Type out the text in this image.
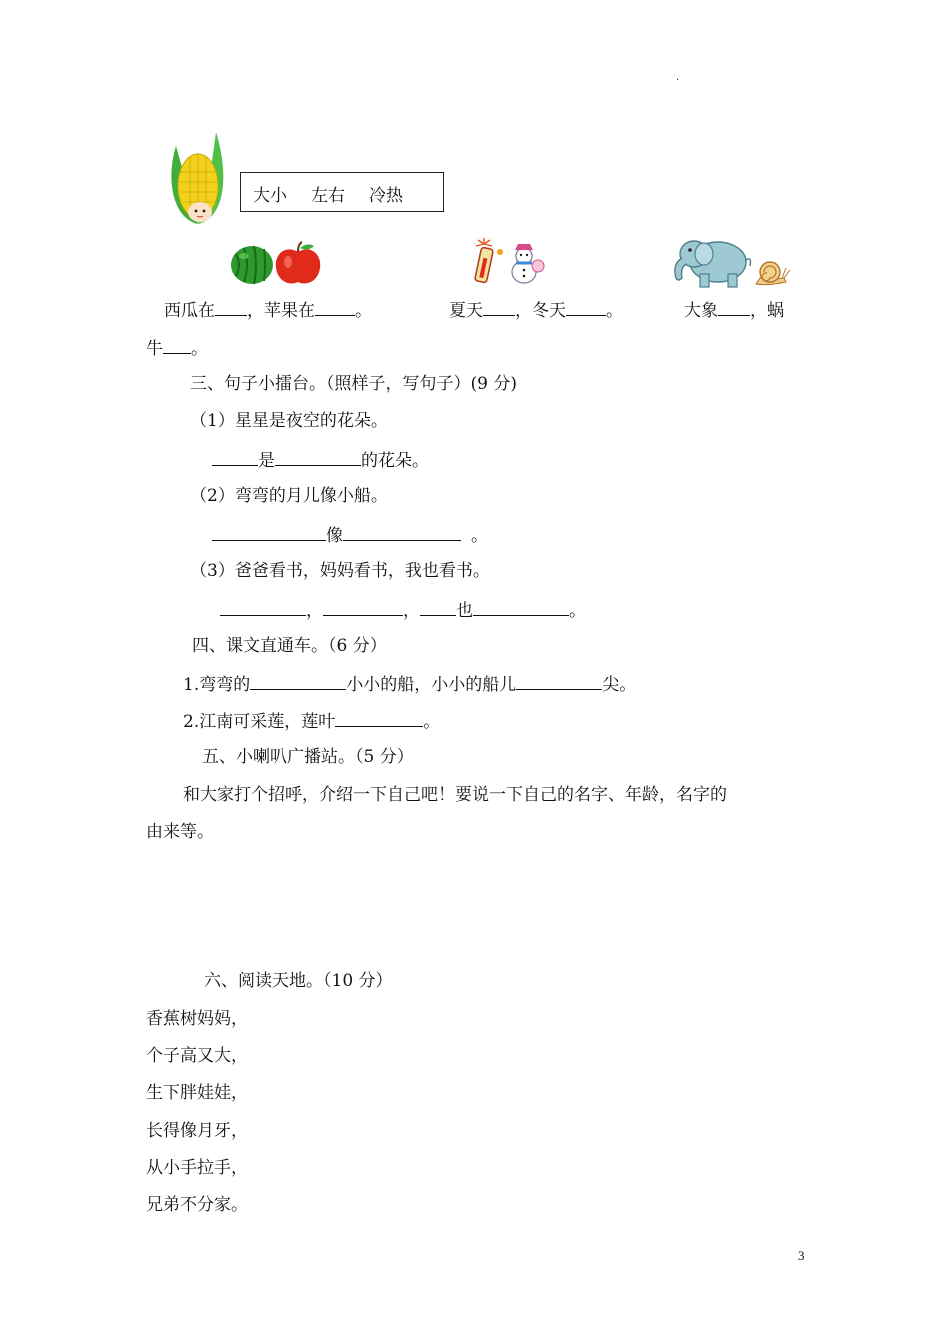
.
大小 左右 冷热
西瓜在 ，苹果在 。	夏天 ，冬天 。	大象 ，蜗
牛 。
三、句子小擂台。（照样子，写句子）(9 分)
（1）星星是夜空的花朵。
是	的花朵。
（2）弯弯的月儿像小船。
像	。
（3）爸爸看书，妈妈看书，我也看书。
，	， 也	。
四、课文直通车。（6 分）
1.弯弯的	小小的船，小小的船儿	尖。
2.江南可采莲，莲叶	。
五、小喇叭广播站。（5 分）
和大家打个招呼，介绍一下自己吧！要说一下自己的名字、年龄，名字的
由来等。
六、阅读天地。（10 分）
香蕉树妈妈，
个子高又大，
生下胖娃娃，
长得像月牙，
从小手拉手，
兄弟不分家。
3
